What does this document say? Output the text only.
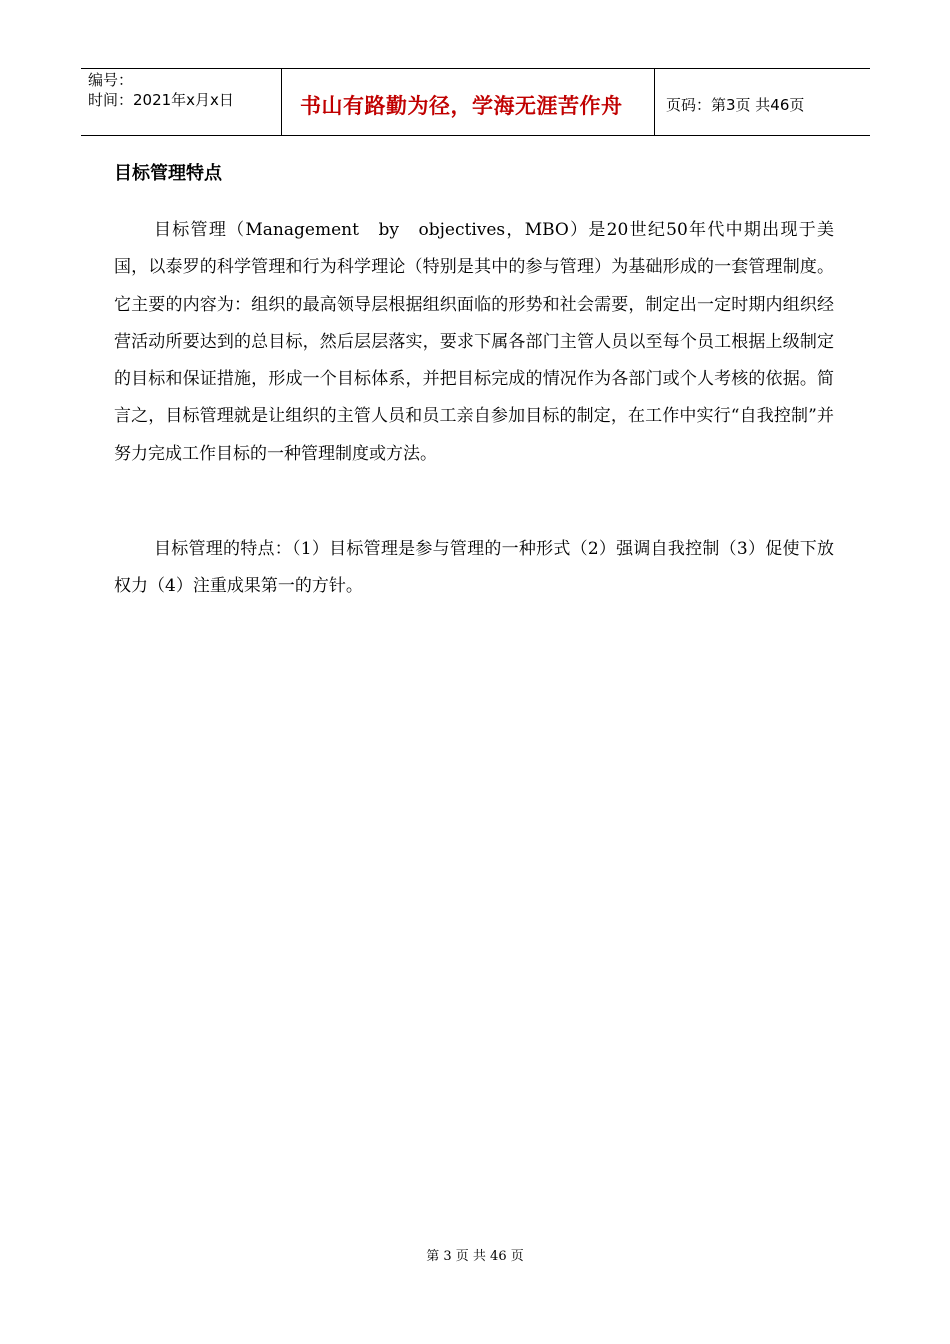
编号：
时间：2021年x月x日	书山有路勤为径，学海无涯苦作舟	页码：第3页 共46页
目标管理特点

目标管理（Management　by　objectives，MBO）是20世纪50年代中期出现于美国，以泰罗的科学管理和行为科学理论（特别是其中的参与管理）为基础形成的一套管理制度。它主要的内容为：组织的最高领导层根据组织面临的形势和社会需要，制定出一定时期内组织经营活动所要达到的总目标，然后层层落实，要求下属各部门主管人员以至每个员工根据上级制定的目标和保证措施，形成一个目标体系，并把目标完成的情况作为各部门或个人考核的依据。简言之，目标管理就是让组织的主管人员和员工亲自参加目标的制定，在工作中实行“自我控制”并努力完成工作目标的一种管理制度或方法。

目标管理的特点：（1）目标管理是参与管理的一种形式（2）强调自我控制（3）促使下放权力（4）注重成果第一的方针。

第 3 页 共 46 页
